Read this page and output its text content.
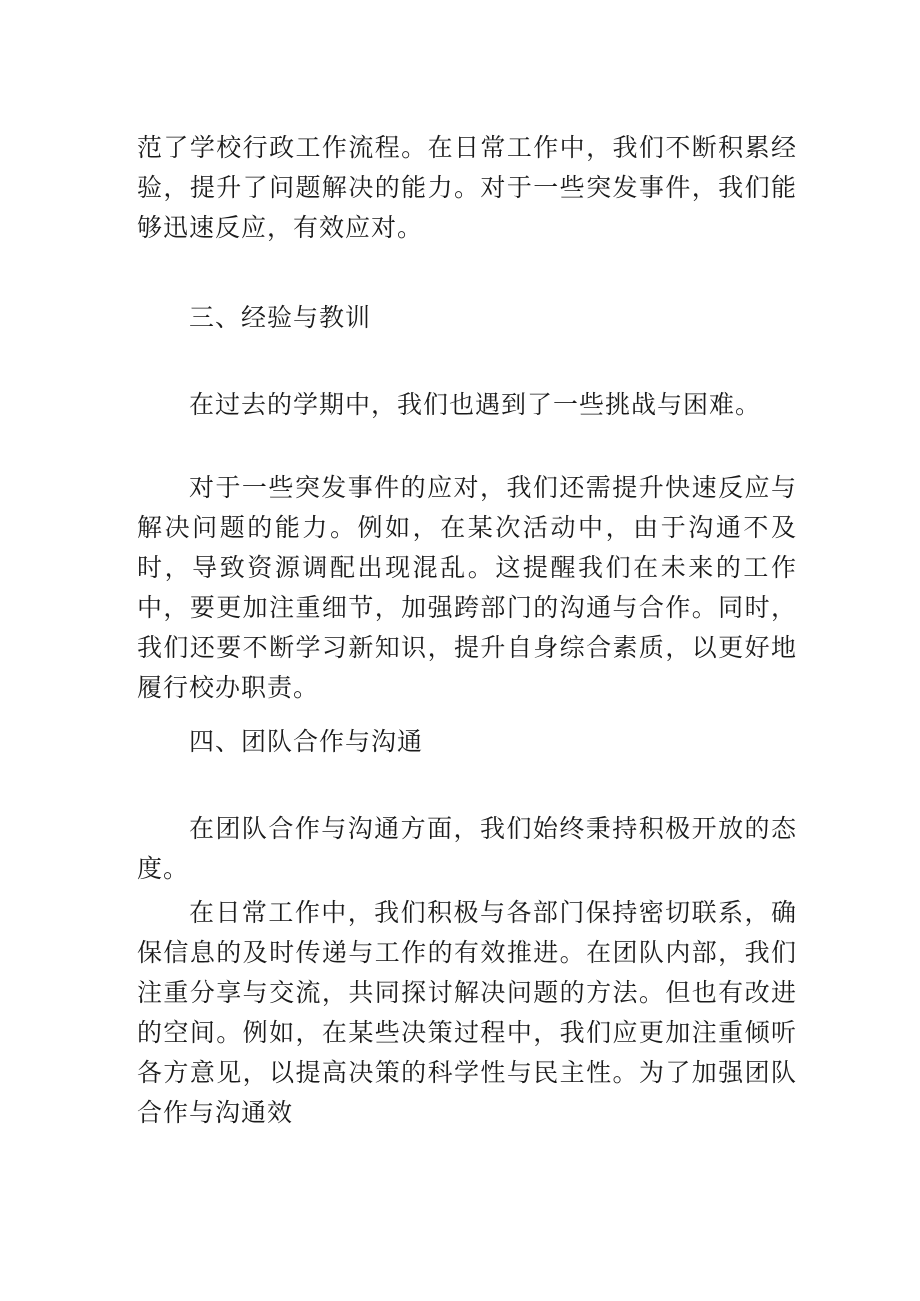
范了学校行政工作流程。在日常工作中，我们不断积累经验，提升了问题解决的能力。对于一些突发事件，我们能够迅速反应，有效应对。

三、经验与教训

在过去的学期中，我们也遇到了一些挑战与困难。

对于一些突发事件的应对，我们还需提升快速反应与解决问题的能力。例如，在某次活动中，由于沟通不及时，导致资源调配出现混乱。这提醒我们在未来的工作中，要更加注重细节，加强跨部门的沟通与合作。同时，我们还要不断学习新知识，提升自身综合素质，以更好地履行校办职责。

四、团队合作与沟通

在团队合作与沟通方面，我们始终秉持积极开放的态度。

在日常工作中，我们积极与各部门保持密切联系，确保信息的及时传递与工作的有效推进。在团队内部，我们注重分享与交流，共同探讨解决问题的方法。但也有改进的空间。例如，在某些决策过程中，我们应更加注重倾听各方意见，以提高决策的科学性与民主性。为了加强团队合作与沟通效
